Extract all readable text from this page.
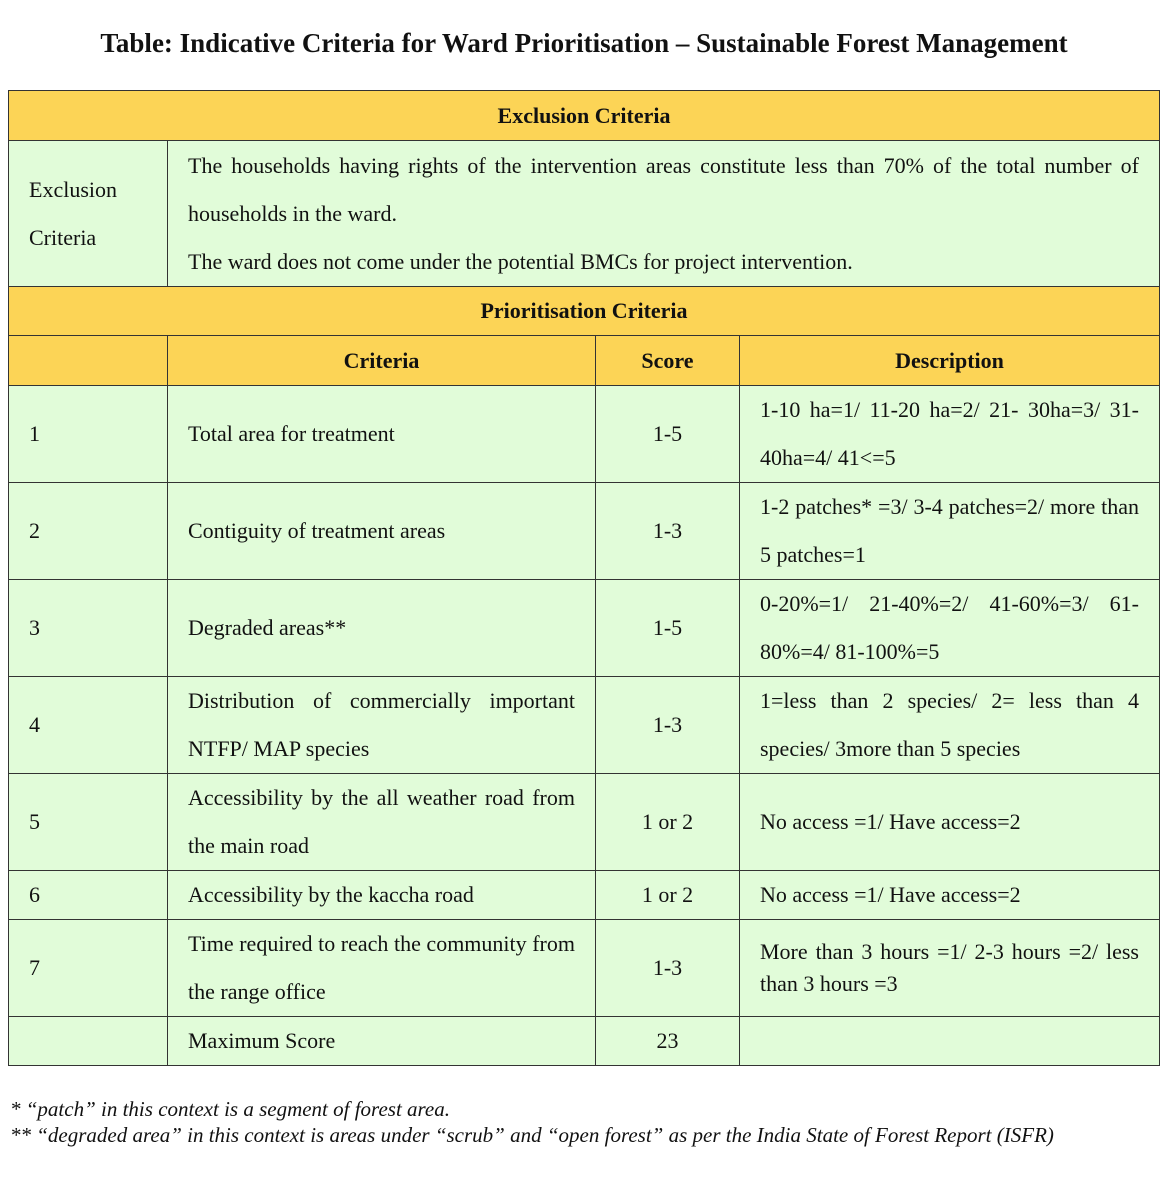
Table: Indicative Criteria for Ward Prioritisation – Sustainable Forest Management
Exclusion Criteria			
Exclusion Criteria	The households having rights of the intervention areas constitute less than 70% of the total number of households in the ward.
The ward does not come under the potential BMCs for project intervention.		

Prioritisation Criteria			
	Criteria	Score	Description
1	Total area for treatment	1-5	1-10 ha=1/ 11-20 ha=2/ 21- 30ha=3/ 31-40ha=4/ 41<=5
2	Contiguity of treatment areas	1-3	1-2 patches* =3/ 3-4 patches=2/ more than 5 patches=1
3	Degraded areas**	1-5	0-20%=1/ 21-40%=2/ 41-60%=3/ 61-80%=4/ 81-100%=5
4	Distribution of commercially important NTFP/ MAP species	1-3	1=less than 2 species/ 2= less than 4 species/ 3more than 5 species
5	Accessibility by the all weather road from the main road	1 or 2	No access =1/ Have access=2
6	Accessibility by the kaccha road	1 or 2	No access =1/ Have access=2
7	Time required to reach the community from the range office	1-3	More than 3 hours =1/ 2-3 hours =2/ less than 3 hours =3
	Maximum Score	23	
* “patch” in this context is a segment of forest area.
** “degraded area” in this context is areas under “scrub” and “open forest” as per the India State of Forest Report (ISFR)
